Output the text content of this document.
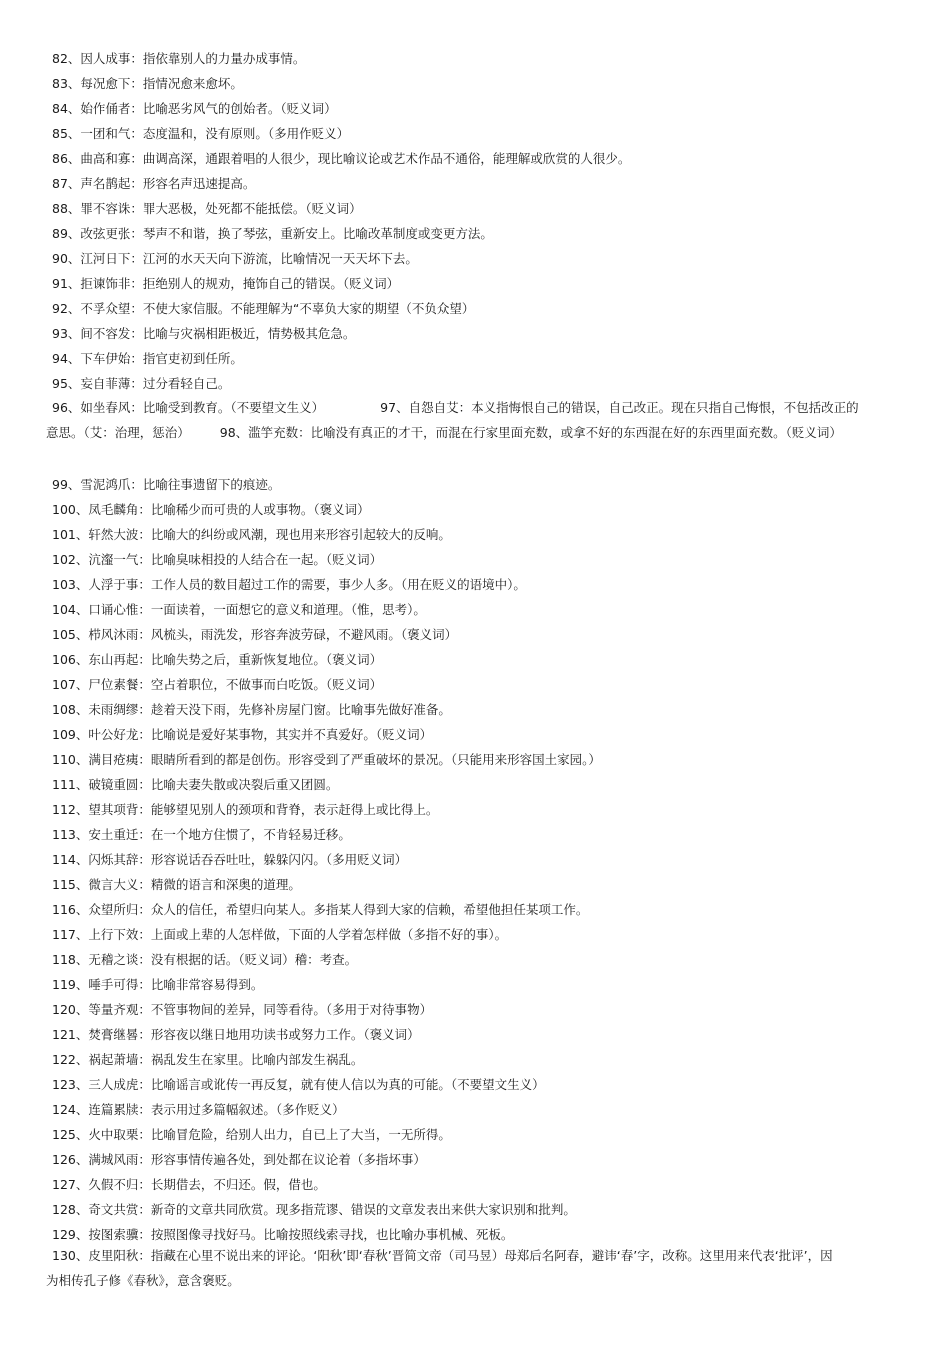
82、因人成事：指依靠别人的力量办成事情。
83、每况愈下：指情况愈来愈坏。
84、始作俑者：比喻恶劣风气的创始者。（贬义词）
85、一团和气：态度温和，没有原则。（多用作贬义）
86、曲高和寡：曲调高深，通跟着唱的人很少，现比喻议论或艺术作品不通俗，能理解或欣赏的人很少。
87、声名鹊起：形容名声迅速提高。
88、罪不容诛：罪大恶极，处死都不能抵偿。（贬义词）
89、改弦更张：琴声不和谐，换了琴弦，重新安上。比喻改革制度或变更方法。
90、江河日下：江河的水天天向下游流，比喻情况一天天坏下去。
91、拒谏饰非：拒绝别人的规劝，掩饰自己的错误。（贬义词）
92、不孚众望：不使大家信服。不能理解为“不辜负大家的期望（不负众望）
93、间不容发：比喻与灾祸相距极近，情势极其危急。
94、下车伊始：指官吏初到任所。
95、妄自菲薄：过分看轻自己。

96、如坐春风：比喻受到教育。（不要望文生义）	97、自怨自艾：本义指悔恨自己的错误，自己改正。现在只指自己悔恨，不包括改正的意思。（艾：治理，惩治） 98、滥竽充数：比喻没有真正的才干，而混在行家里面充数，或拿不好的东西混在好的东西里面充数。（贬义词）

99、雪泥鸿爪：比喻往事遗留下的痕迹。
100、凤毛麟角：比喻稀少而可贵的人或事物。（褒义词）
101、轩然大波：比喻大的纠纷或风潮，现也用来形容引起较大的反响。
102、沆瀣一气：比喻臭味相投的人结合在一起。（贬义词）
103、人浮于事：工作人员的数目超过工作的需要，事少人多。（用在贬义的语境中）。
104、口诵心惟：一面读着，一面想它的意义和道理。（惟，思考）。
105、栉风沐雨：风梳头，雨洗发，形容奔波劳碌，不避风雨。（褒义词）
106、东山再起：比喻失势之后，重新恢复地位。（褒义词）
107、尸位素餐：空占着职位，不做事而白吃饭。（贬义词）
108、未雨绸缪：趁着天没下雨，先修补房屋门窗。比喻事先做好准备。
109、叶公好龙：比喻说是爱好某事物，其实并不真爱好。（贬义词）
110、满目疮痍：眼睛所看到的都是创伤。形容受到了严重破坏的景况。（只能用来形容国土家园。）
111、破镜重圆：比喻夫妻失散或决裂后重又团圆。
112、望其项背：能够望见别人的颈项和背脊，表示赶得上或比得上。
113、安土重迁：在一个地方住惯了，不肯轻易迁移。
114、闪烁其辞：形容说话吞吞吐吐，躲躲闪闪。（多用贬义词）
115、微言大义：精微的语言和深奥的道理。
116、众望所归：众人的信任，希望归向某人。多指某人得到大家的信赖，希望他担任某项工作。
117、上行下效：上面或上辈的人怎样做，下面的人学着怎样做（多指不好的事）。
118、无稽之谈：没有根据的话。（贬义词）稽：考查。
119、唾手可得：比喻非常容易得到。
120、等量齐观：不管事物间的差异，同等看待。（多用于对待事物）
121、焚膏继晷：形容夜以继日地用功读书或努力工作。（褒义词）
122、祸起萧墙：祸乱发生在家里。比喻内部发生祸乱。
123、三人成虎：比喻谣言或讹传一再反复，就有使人信以为真的可能。（不要望文生义）
124、连篇累牍：表示用过多篇幅叙述。（多作贬义）
125、火中取栗：比喻冒危险，给别人出力，自已上了大当，一无所得。
126、满城风雨：形容事情传遍各处，到处都在议论着（多指坏事）
127、久假不归：长期借去，不归还。假，借也。
128、奇文共赏：新奇的文章共同欣赏。现多指荒谬、错误的文章发表出来供大家识别和批判。
129、按图索骥：按照图像寻找好马。比喻按照线索寻找，也比喻办事机械、死板。

130、皮里阳秋：指藏在心里不说出来的评论。‘阳秋’即‘春秋’晋简文帝（司马昱）母郑后名阿春，避讳‘春’字，改称。这里用来代表‘批评’，因为相传孔子修《春秋》，意含褒贬。
